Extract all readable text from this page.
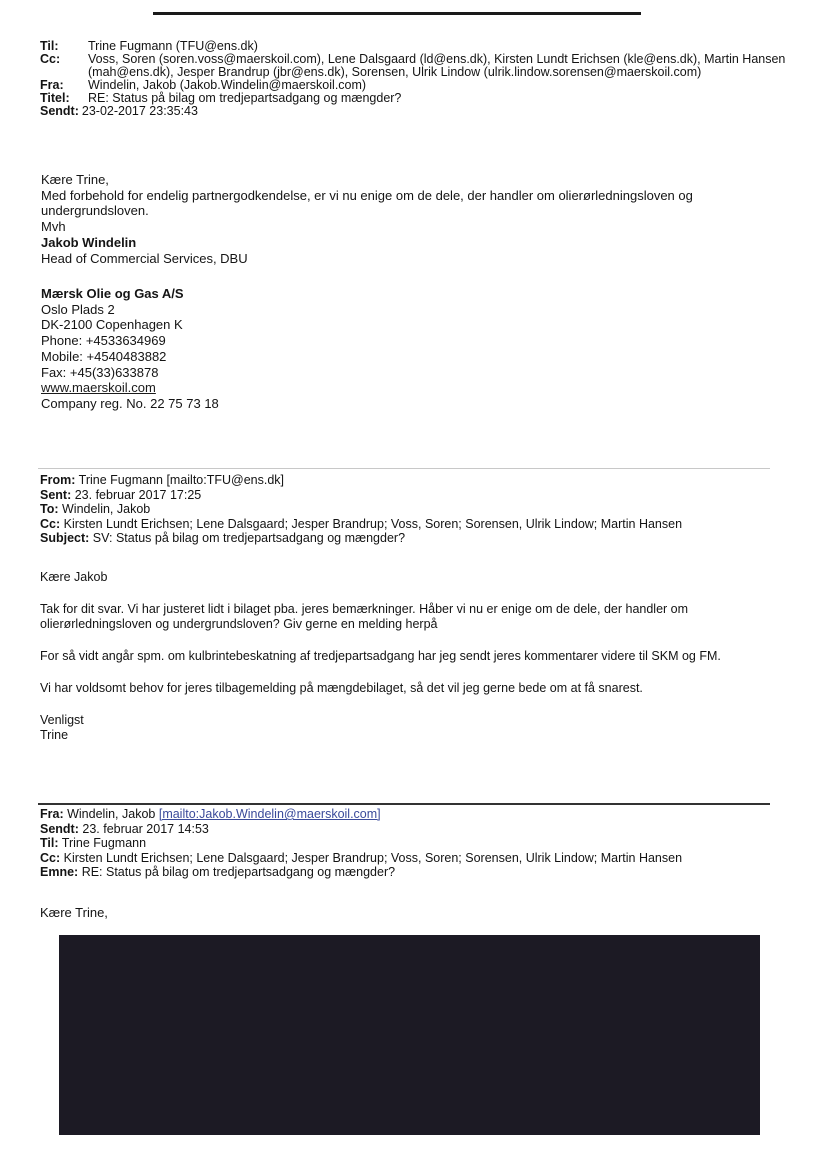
Til:	Trine Fugmann (TFU@ens.dk)
Cc:	Voss, Soren (soren.voss@maerskoil.com), Lene Dalsgaard (ld@ens.dk), Kirsten Lundt Erichsen (kle@ens.dk), Martin Hansen (mah@ens.dk), Jesper Brandrup (jbr@ens.dk), Sorensen, Ulrik Lindow (ulrik.lindow.sorensen@maerskoil.com)
Fra:	Windelin, Jakob (Jakob.Windelin@maerskoil.com)
Titel:	RE: Status på bilag om tredjepartsadgang og mængder?
Sendt: 23-02-2017 23:35:43

Kære Trine,

Med forbehold for endelig partnergodkendelse, er vi nu enige om de dele, der handler om olierørledningsloven og undergrundsloven.

Mvh

Jakob Windelin

Head of Commercial Services, DBU

Mærsk Olie og Gas A/S

Oslo Plads 2

DK-2100 Copenhagen K

Phone: +4533634969

Mobile: +4540483882

Fax: +45(33)633878

www.maerskoil.com

Company reg. No. 22 75 73 18

From: Trine Fugmann [mailto:TFU@ens.dk]
Sent: 23. februar 2017 17:25
To: Windelin, Jakob
Cc: Kirsten Lundt Erichsen; Lene Dalsgaard; Jesper Brandrup; Voss, Soren; Sorensen, Ulrik Lindow; Martin Hansen
Subject: SV: Status på bilag om tredjepartsadgang og mængder?

Kære Jakob

Tak for dit svar. Vi har justeret lidt i bilaget pba. jeres bemærkninger. Håber vi nu er enige om de dele, der handler om olierørledningsloven og undergrundsloven? Giv gerne en melding herpå

For så vidt angår spm. om kulbrintebeskatning af tredjepartsadgang har jeg sendt jeres kommentarer videre til SKM og FM.

Vi har voldsomt behov for jeres tilbagemelding på mængdebilaget, så det vil jeg gerne bede om at få snarest.

Venligst

Trine

Fra: Windelin, Jakob [mailto:Jakob.Windelin@maerskoil.com]
Sendt: 23. februar 2017 14:53
Til: Trine Fugmann
Cc: Kirsten Lundt Erichsen; Lene Dalsgaard; Jesper Brandrup; Voss, Soren; Sorensen, Ulrik Lindow; Martin Hansen
Emne: RE: Status på bilag om tredjepartsadgang og mængder?
Kære Trine,
